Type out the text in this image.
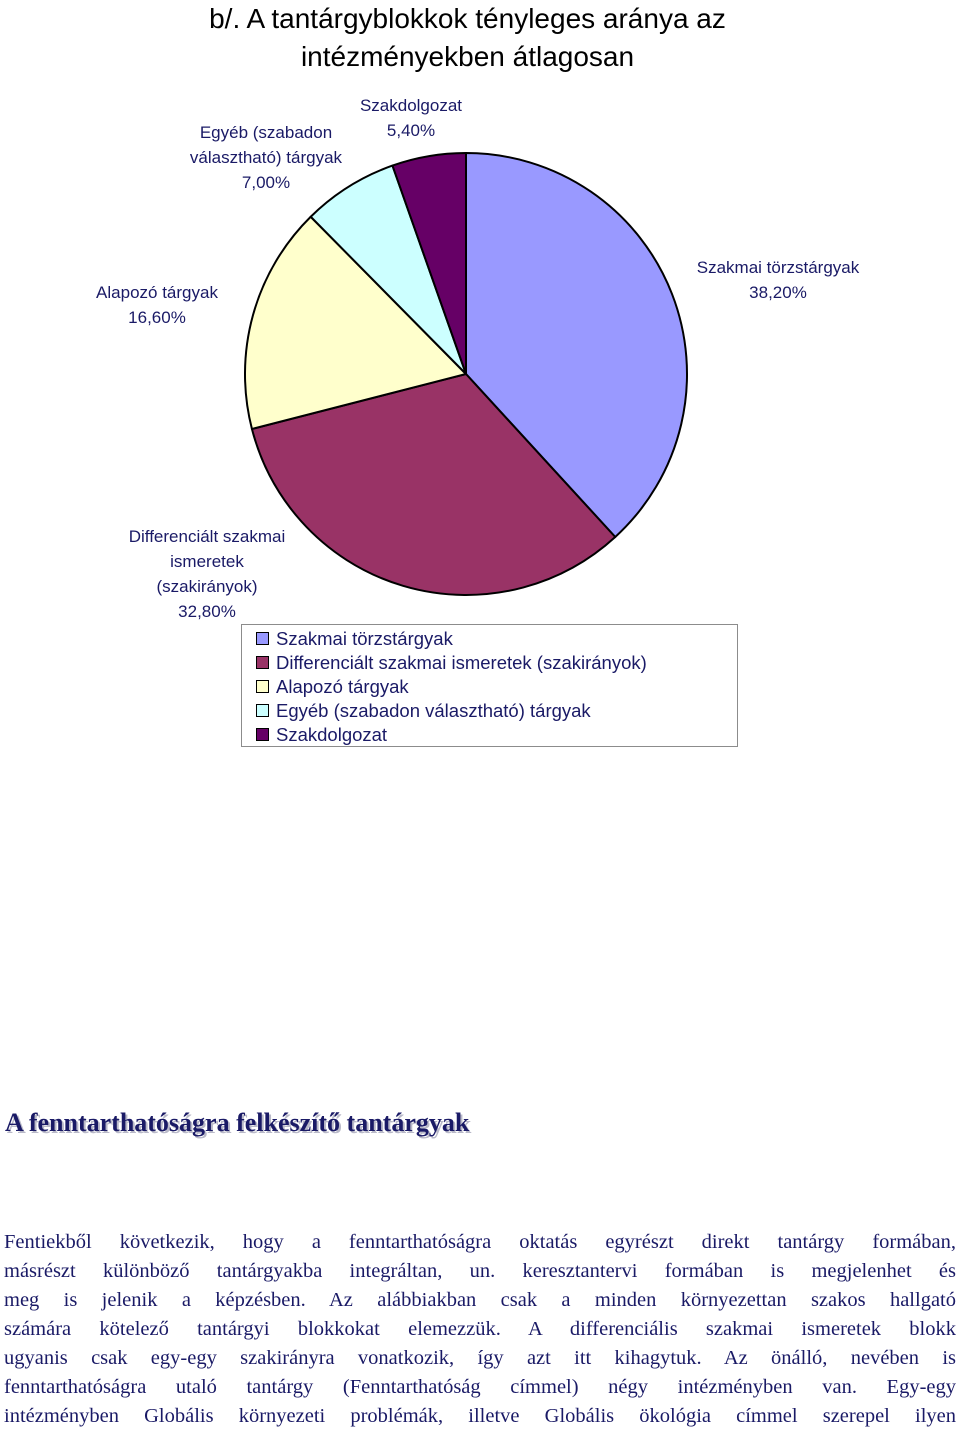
b/. A tantárgyblokkok tényleges aránya az
intézményekben átlagosan
Szakmai törzstárgyak
38,20%
Differenciált szakmai
ismeretek
(szakirányok)
32,80%
Alapozó tárgyak
16,60%
Egyéb (szabadon
választható) tárgyak
7,00%
Szakdolgozat
5,40%
Szakmai törzstárgyak
Differenciált szakmai ismeretek (szakirányok)
Alapozó tárgyak
Egyéb (szabadon választható) tárgyak
Szakdolgozat
A fenntarthatóságra felkészítő tantárgyak

Fentiekből következik, hogy a fenntarthatóságra oktatás egyrészt direkt tantárgy formában,
másrészt különböző tantárgyakba integráltan, un. keresztantervi formában is megjelenhet és
meg is jelenik a képzésben. Az alábbiakban csak a minden környezettan szakos hallgató
számára kötelező tantárgyi blokkokat elemezzük. A differenciális szakmai ismeretek blokk
ugyanis csak egy-egy szakirányra vonatkozik, így azt itt kihagytuk. Az önálló, nevében is
fenntarthatóságra utaló tantárgy (Fenntarthatóság címmel) négy intézményben van. Egy-egy
intézményben Globális környezeti problémák, illetve Globális ökológia címmel szerepel ilyen
